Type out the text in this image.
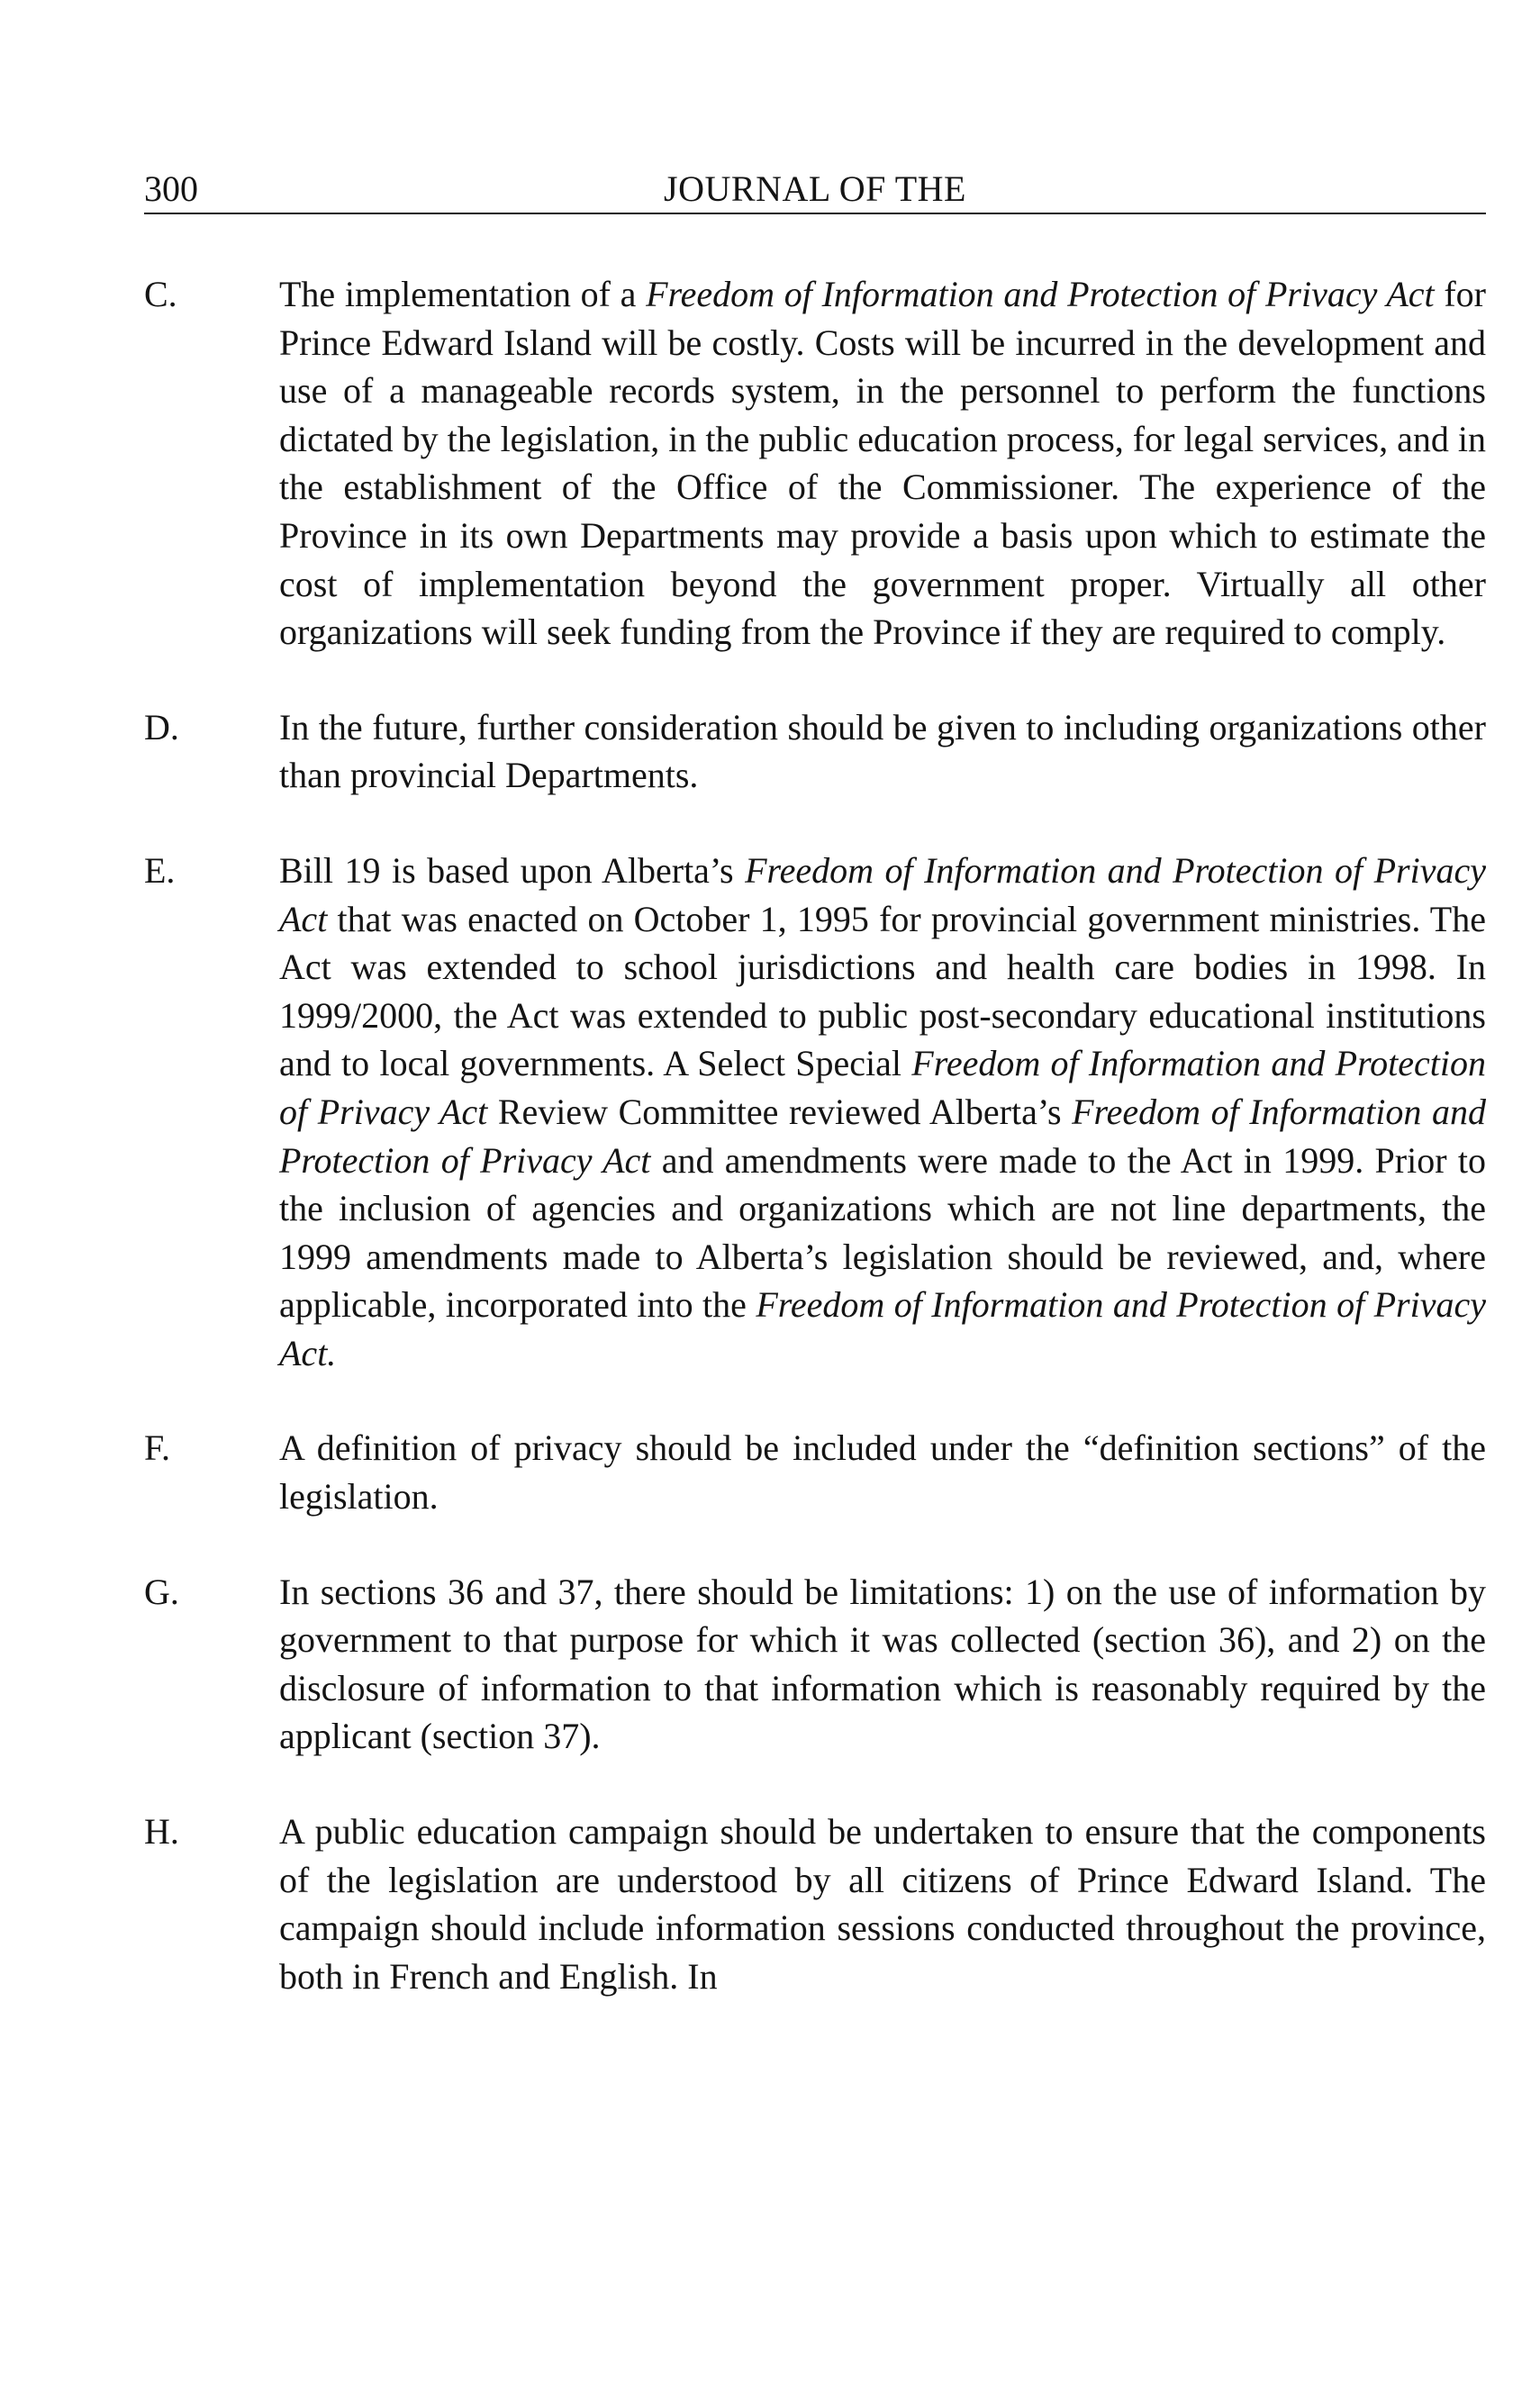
300	JOURNAL OF THE
C.	The implementation of a Freedom of Information and Protection of Privacy Act for Prince Edward Island will be costly. Costs will be incurred in the development and use of a manageable records system, in the personnel to perform the functions dictated by the legislation, in the public education process, for legal services, and in the establishment of the Office of the Commissioner. The experience of the Province in its own Departments may provide a basis upon which to estimate the cost of implementation beyond the government proper. Virtually all other organizations will seek funding from the Province if they are required to comply.
D.	In the future, further consideration should be given to including organizations other than provincial Departments.
E.	Bill 19 is based upon Alberta’s Freedom of Information and Protection of Privacy Act that was enacted on October 1, 1995 for provincial government ministries. The Act was extended to school jurisdictions and health care bodies in 1998. In 1999/2000, the Act was extended to public post-secondary educational institutions and to local governments. A Select Special Freedom of Information and Protection of Privacy Act Review Committee reviewed Alberta’s Freedom of Information and Protection of Privacy Act and amendments were made to the Act in 1999. Prior to the inclusion of agencies and organizations which are not line departments, the 1999 amendments made to Alberta’s legislation should be reviewed, and, where applicable, incorporated into the Freedom of Information and Protection of Privacy Act.
F.	A definition of privacy should be included under the “definition sections” of the legislation.
G.	In sections 36 and 37, there should be limitations: 1) on the use of information by government to that purpose for which it was collected (section 36), and 2) on the disclosure of information to that information which is reasonably required by the applicant (section 37).
H.	A public education campaign should be undertaken to ensure that the components of the legislation are understood by all citizens of Prince Edward Island. The campaign should include information sessions conducted throughout the province, both in French and English. In
